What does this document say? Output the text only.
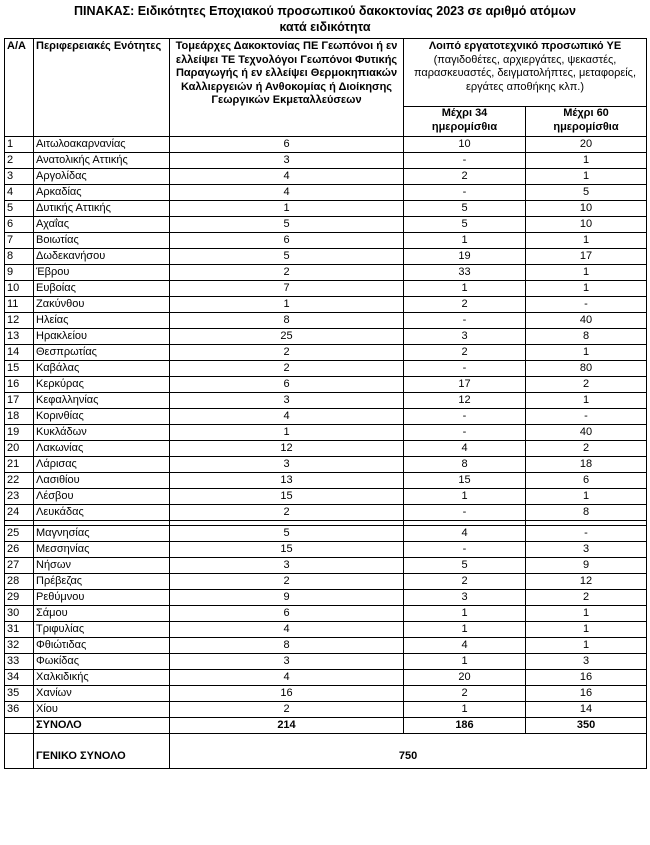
ΠΙΝΑΚΑΣ: Ειδικότητες Εποχιακού προσωπικού δακοκτονίας 2023 σε αριθμό ατόμων
κατά ειδικότητα
Α/Α	Περιφερειακές Ενότητες	Τομεάρχες Δακοκτονίας ΠΕ Γεωπόνοι ή εν ελλείψει ΤΕ Τεχνολόγοι Γεωπόνοι Φυτικής Παραγωγής ή εν ελλείψει Θερμοκηπιακών Καλλιεργειών ή Ανθοκομίας ή Διοίκησης Γεωργικών Εκμεταλλεύσεων	Λοιπό εργατοτεχνικό προσωπικό ΥΕ
(παγιδοθέτες, αρχιεργάτες, ψεκαστές, παρασκευαστές, δειγματολήπτες, μεταφορείς, εργάτες αποθήκης κλπ.)	

			Μέχρι 34 ημερομίσθια	Μέχρι 60 ημερομίσθια
1	Αιτωλοακαρνανίας	6	10	20
2	Ανατολικής Αττικής	3	-	1
3	Αργολίδας	4	2	1
4	Αρκαδίας	4	-	5
5	Δυτικής Αττικής	1	5	10
6	Αχαΐας	5	5	10
7	Βοιωτίας	6	1	1
8	Δωδεκανήσου	5	19	17
9	Έβρου	2	33	1
10	Ευβοίας	7	1	1
11	Ζακύνθου	1	2	-
12	Ηλείας	8	-	40
13	Ηρακλείου	25	3	8
14	Θεσπρωτίας	2	2	1
15	Καβάλας	2	-	80
16	Κερκύρας	6	17	2
17	Κεφαλληνίας	3	12	1
18	Κορινθίας	4	-	-
19	Κυκλάδων	1	-	40
20	Λακωνίας	12	4	2
21	Λάρισας	3	8	18
22	Λασιθίου	13	15	6
23	Λέσβου	15	1	1
24	Λευκάδας	2	-	8

25	Μαγνησίας	5	4	-
26	Μεσσηνίας	15	-	3
27	Νήσων	3	5	9
28	Πρέβεζας	2	2	12
29	Ρεθύμνου	9	3	2
30	Σάμου	6	1	1
31	Τριφυλίας	4	1	1
32	Φθιώτιδας	8	4	1
33	Φωκίδας	3	1	3
34	Χαλκιδικής	4	20	16
35	Χανίων	16	2	16
36	Χίου	2	1	14
	ΣΥΝΟΛΟ	214	186	350
	ΓΕΝΙΚΟ ΣΥΝΟΛΟ	750		
